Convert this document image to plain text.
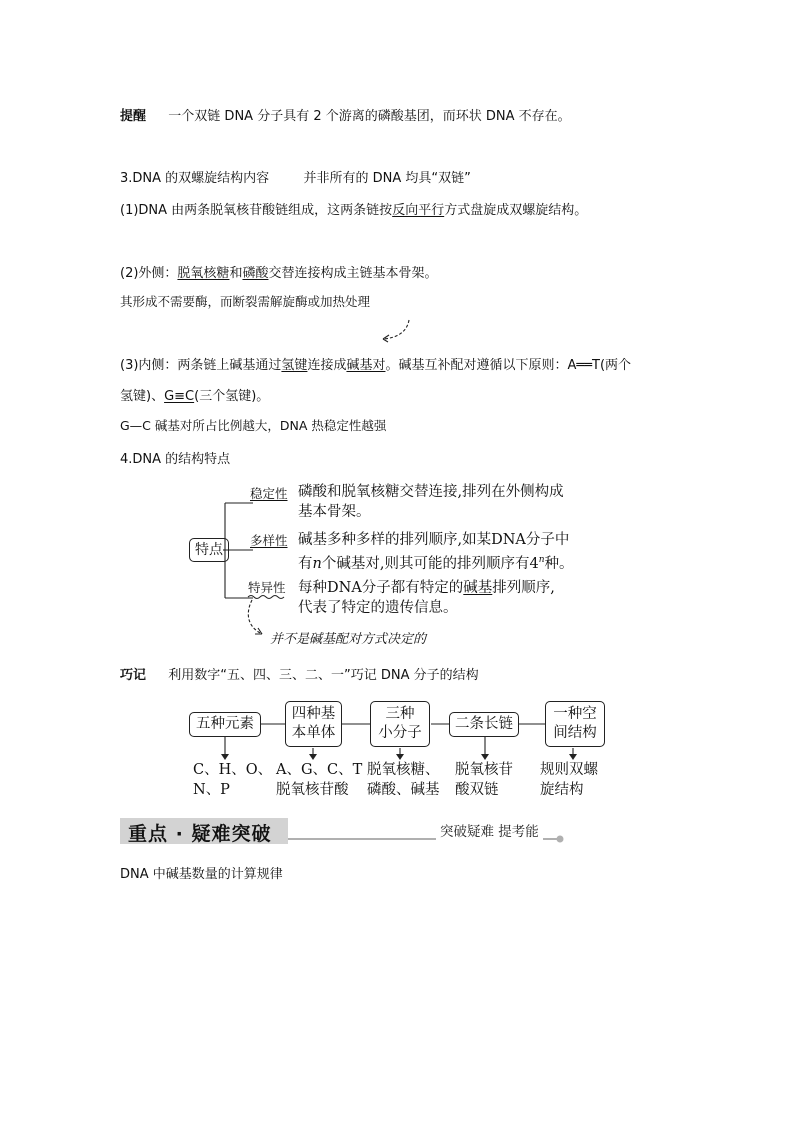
提醒 一个双链 DNA 分子具有 2 个游离的磷酸基团，而环状 DNA 不存在。
3.DNA 的双螺旋结构内容	并非所有的 DNA 均具“双链”
(1)DNA 由两条脱氧核苷酸链组成，这两条链按反向平行方式盘旋成双螺旋结构。
(2)外侧：脱氧核糖和磷酸交替连接构成主链基本骨架。
其形成不需要酶，而断裂需解旋酶或加热处理
(3)内侧：两条链上碱基通过氢键连接成碱基对。碱基互补配对遵循以下原则：A══T(两个
氢键)、G≡C(三个氢键)。
G—C 碱基对所占比例越大，DNA 热稳定性越强
4.DNA 的结构特点
特点
稳定性
多样性
特异性
磷酸和脱氧核糖交替连接,排列在外侧构成
基本骨架。
碱基多种多样的排列顺序,如某DNA分子中
有n个碱基对,则其可能的排列顺序有4$^n$种。
每种DNA分子都有特定的碱基排列顺序,
代表了特定的遗传信息。
并不是碱基配对方式决定的
巧记 利用数字“五、四、三、二、一”巧记 DNA 分子的结构
五种元素
四种基
本单体
三种
小分子
二条长链
一种空
间结构
C、H、O、
N、P
A、G、C、T
脱氧核苷酸
脱氧核糖、
磷酸、碱基
脱氧核苷
酸双链
规则双螺
旋结构
重点 · 疑难突破	突破疑难 提考能
DNA 中碱基数量的计算规律
